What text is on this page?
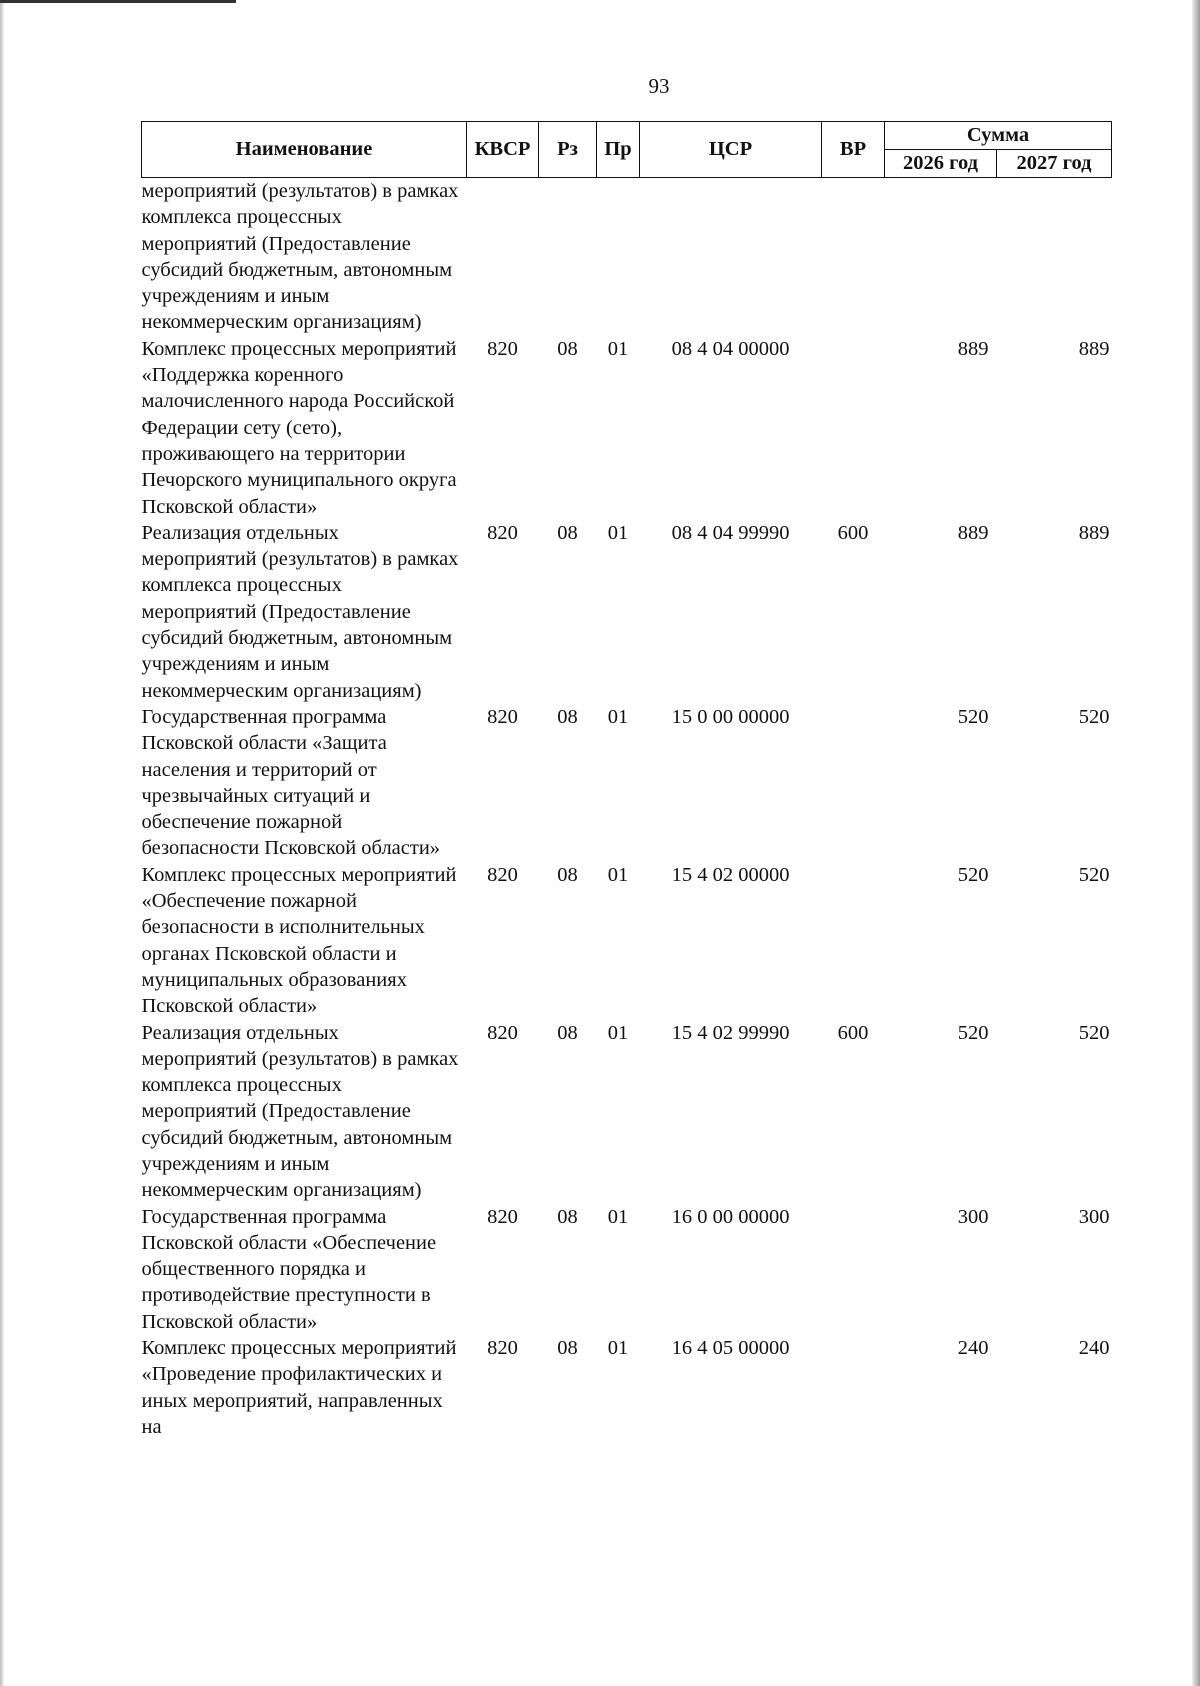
93
Наименование	КВСР	Рз	Пр	ЦСР	ВР	Сумма	
						2026 год	2027 год
мероприятий (результатов) в рамках комплекса процессных мероприятий (Предоставление субсидий бюджетным, автономным учреждениям и иным некоммерческим организациям)							
Комплекс процессных мероприятий «Поддержка коренного малочисленного народа Российской Федерации сету (сето), проживающего на территории Печорского муниципального округа Псковской области»	820	08	01	08 4 04 00000		889	889
Реализация отдельных мероприятий (результатов) в рамках комплекса процессных мероприятий (Предоставление субсидий бюджетным, автономным учреждениям и иным некоммерческим организациям)	820	08	01	08 4 04 99990	600	889	889
Государственная программа Псковской области «Защита населения и территорий от чрезвычайных ситуаций и обеспечение пожарной безопасности Псковской области»	820	08	01	15 0 00 00000		520	520
Комплекс процессных мероприятий «Обеспечение пожарной безопасности в исполнительных органах Псковской области и муниципальных образованиях Псковской области»	820	08	01	15 4 02 00000		520	520
Реализация отдельных мероприятий (результатов) в рамках комплекса процессных мероприятий (Предоставление субсидий бюджетным, автономным учреждениям и иным некоммерческим организациям)	820	08	01	15 4 02 99990	600	520	520
Государственная программа Псковской области «Обеспечение общественного порядка и противодействие преступности в Псковской области»	820	08	01	16 0 00 00000		300	300
Комплекс процессных мероприятий «Проведение профилактических и иных мероприятий, направленных на	820	08	01	16 4 05 00000		240	240
